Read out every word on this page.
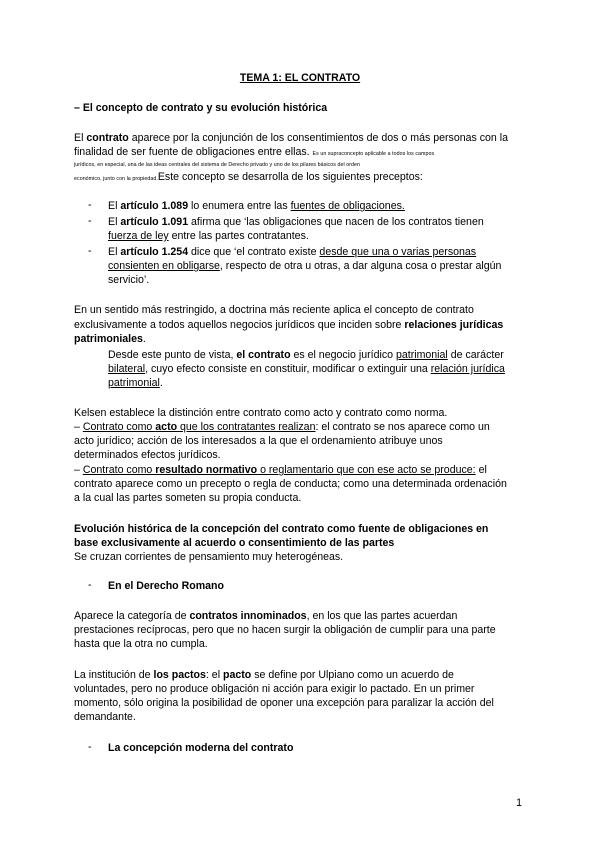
TEMA 1: EL CONTRATO
– El concepto de contrato y su evolución histórica
El contrato aparece por la conjunción de los consentimientos de dos o más personas con la
finalidad de ser fuente de obligaciones entre ellas. Es un supraconcepto aplicable a todos los campos
jurídicos, en especial, una de las ideas centrales del sistema de Derecho privado y uno de los pilares básicos del orden
económico, junto con la propiedad.Este concepto se desarrolla de los siguientes preceptos:
- El artículo 1.089 lo enumera entre las fuentes de obligaciones.
- El artículo 1.091 afirma que ‘las obligaciones que nacen de los contratos tienen
fuerza de ley entre las partes contratantes.
- El artículo 1.254 dice que ‘el contrato existe desde que una o varias personas
consienten en obligarse, respecto de otra u otras, a dar alguna cosa o prestar algún
servicio’.
En un sentido más restringido, a doctrina más reciente aplica el concepto de contrato
exclusivamente a todos aquellos negocios jurídicos que inciden sobre relaciones jurídicas
patrimoniales.
Desde este punto de vista, el contrato es el negocio jurídico patrimonial de carácter
bilateral, cuyo efecto consiste en constituir, modificar o extinguir una relación jurídica
patrimonial.
Kelsen establece la distinción entre contrato como acto y contrato como norma.
– Contrato como acto que los contratantes realizan: el contrato se nos aparece como un
acto jurídico; acción de los interesados a la que el ordenamiento atribuye unos
determinados efectos jurídicos.
– Contrato como resultado normativo o reglamentario que con ese acto se produce: el
contrato aparece como un precepto o regla de conducta; como una determinada ordenación
a la cual las partes someten su propia conducta.
Evolución histórica de la concepción del contrato como fuente de obligaciones en
base exclusivamente al acuerdo o consentimiento de las partes
Se cruzan corrientes de pensamiento muy heterogéneas.
- En el Derecho Romano
Aparece la categoría de contratos innominados, en los que las partes acuerdan
prestaciones recíprocas, pero que no hacen surgir la obligación de cumplir para una parte
hasta que la otra no cumpla.
La institución de los pactos: el pacto se define por Ulpiano como un acuerdo de
voluntades, pero no produce obligación ni acción para exigir lo pactado. En un primer
momento, sólo origina la posibilidad de oponer una excepción para paralizar la acción del
demandante.
- La concepción moderna del contrato
1
